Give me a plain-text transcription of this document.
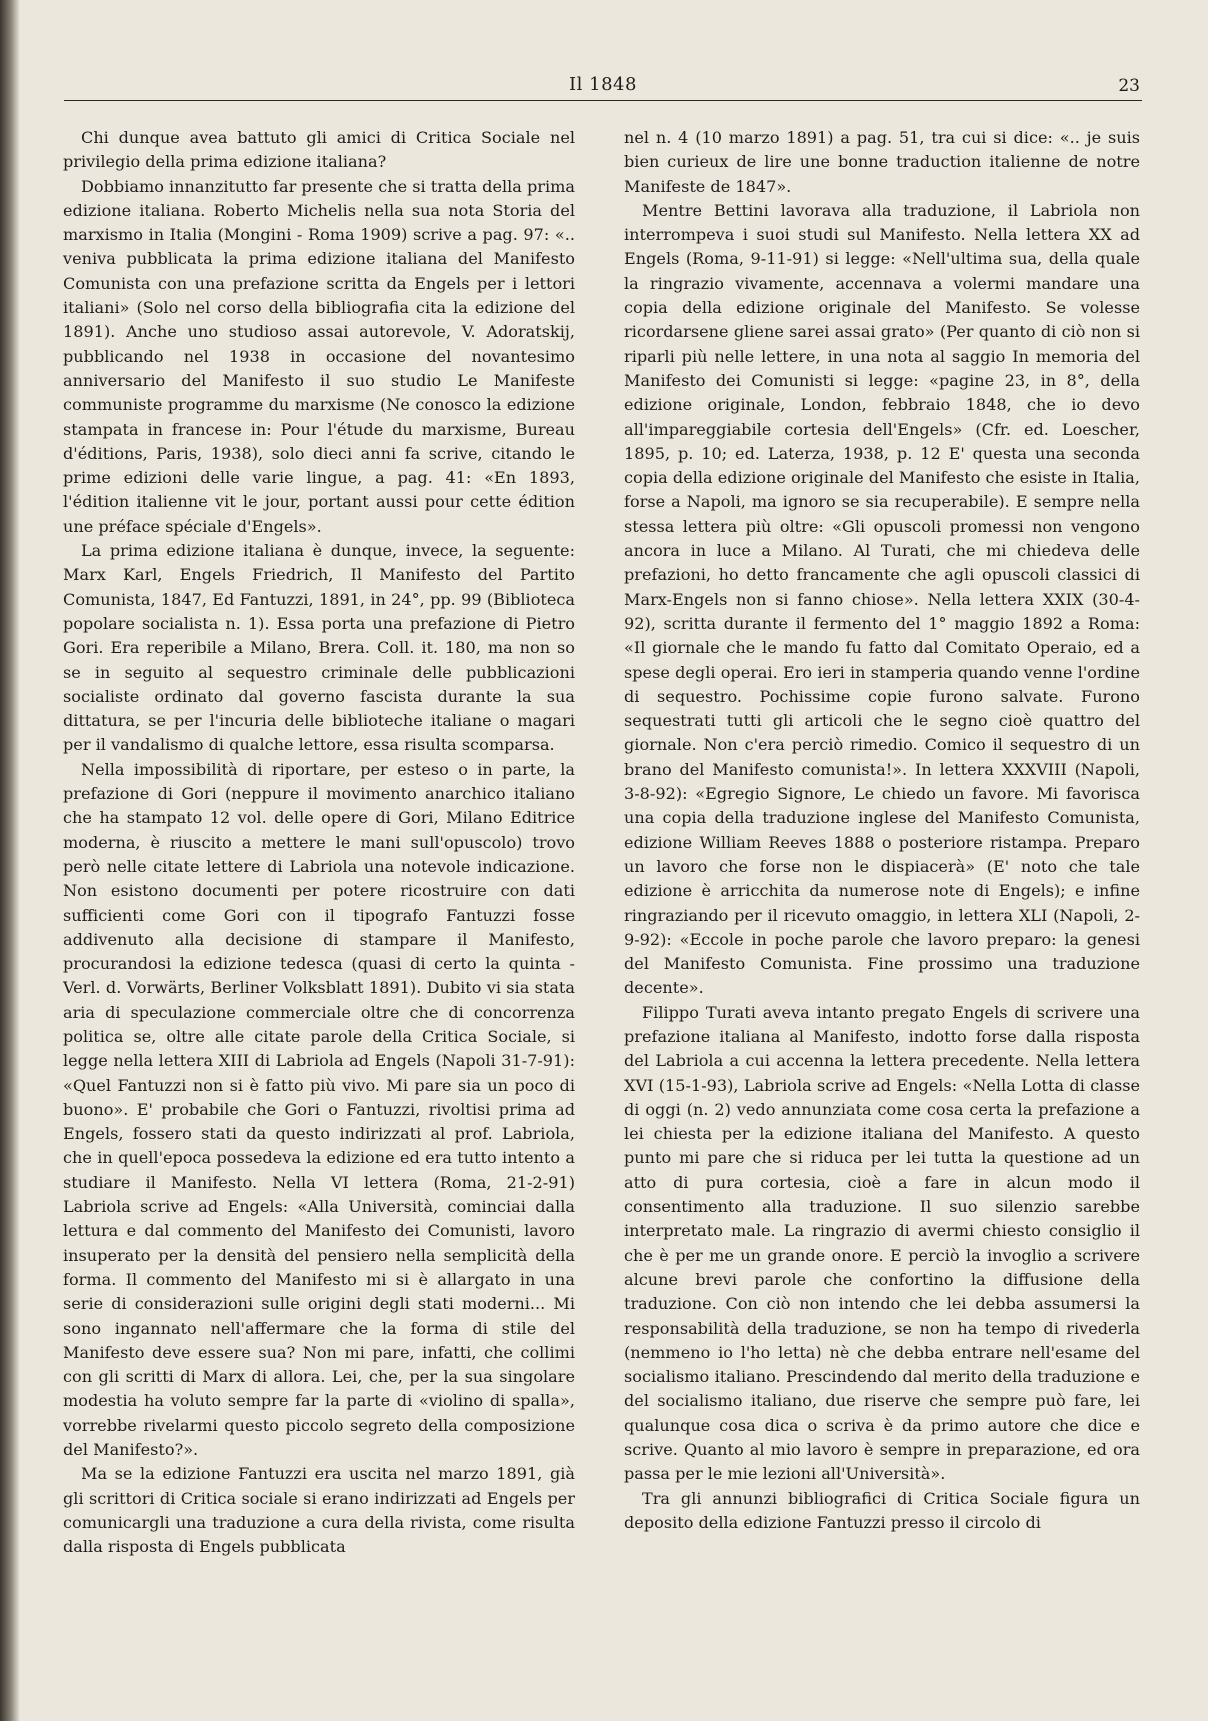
Il 1848	23

Chi dunque avea battuto gli amici di Critica Sociale nel privilegio della prima edizione italiana?

Dobbiamo innanzitutto far presente che si tratta della prima edizione italiana. Roberto Michelis nella sua nota Storia del marxismo in Italia (Mongini - Roma 1909) scrive a pag. 97: «.. veniva pubblicata la prima edizione italiana del Manifesto Comunista con una prefazione scritta da Engels per i lettori italiani» (Solo nel corso della bibliografia cita la edizione del 1891). Anche uno studioso assai autorevole, V. Adoratskij, pubblicando nel 1938 in occasione del novantesimo anniversario del Manifesto il suo studio Le Manifeste communiste programme du marxisme (Ne conosco la edizione stampata in francese in: Pour l'étude du marxisme, Bureau d'éditions, Paris, 1938), solo dieci anni fa scrive, citando le prime edizioni delle varie lingue, a pag. 41: «En 1893, l'édition italienne vit le jour, portant aussi pour cette édition une préface spéciale d'Engels».

La prima edizione italiana è dunque, invece, la seguente: Marx Karl, Engels Friedrich, Il Manifesto del Partito Comunista, 1847, Ed Fantuzzi, 1891, in 24°, pp. 99 (Biblioteca popolare socialista n. 1). Essa porta una prefazione di Pietro Gori. Era reperibile a Milano, Brera. Coll. it. 180, ma non so se in seguito al sequestro criminale delle pubblicazioni socialiste ordinato dal governo fascista durante la sua dittatura, se per l'incuria delle biblioteche italiane o magari per il vandalismo di qualche lettore, essa risulta scomparsa.

Nella impossibilità di riportare, per esteso o in parte, la prefazione di Gori (neppure il movimento anarchico italiano che ha stampato 12 vol. delle opere di Gori, Milano Editrice moderna, è riuscito a mettere le mani sull'opuscolo) trovo però nelle citate lettere di Labriola una notevole indicazione. Non esistono documenti per potere ricostruire con dati sufficienti come Gori con il tipografo Fantuzzi fosse addivenuto alla decisione di stampare il Manifesto, procurandosi la edizione tedesca (quasi di certo la quinta - Verl. d. Vorwärts, Berliner Volksblatt 1891). Dubito vi sia stata aria di speculazione commerciale oltre che di concorrenza politica se, oltre alle citate parole della Critica Sociale, si legge nella lettera XIII di Labriola ad Engels (Napoli 31-7-91): «Quel Fantuzzi non si è fatto più vivo. Mi pare sia un poco di buono». E' probabile che Gori o Fantuzzi, rivoltisi prima ad Engels, fossero stati da questo indirizzati al prof. Labriola, che in quell'epoca possedeva la edizione ed era tutto intento a studiare il Manifesto. Nella VI lettera (Roma, 21-2-91) Labriola scrive ad Engels: «Alla Università, cominciai dalla lettura e dal commento del Manifesto dei Comunisti, lavoro insuperato per la densità del pensiero nella semplicità della forma. Il commento del Manifesto mi si è allargato in una serie di considerazioni sulle origini degli stati moderni... Mi sono ingannato nell'affermare che la forma di stile del Manifesto deve essere sua? Non mi pare, infatti, che collimi con gli scritti di Marx di allora. Lei, che, per la sua singolare modestia ha voluto sempre far la parte di «violino di spalla», vorrebbe rivelarmi questo piccolo segreto della composizione del Manifesto?».

Ma se la edizione Fantuzzi era uscita nel marzo 1891, già gli scrittori di Critica sociale si erano indirizzati ad Engels per comunicargli una traduzione a cura della rivista, come risulta dalla risposta di Engels pubblicata

nel n. 4 (10 marzo 1891) a pag. 51, tra cui si dice: «.. je suis bien curieux de lire une bonne traduction italienne de notre Manifeste de 1847».

Mentre Bettini lavorava alla traduzione, il Labriola non interrompeva i suoi studi sul Manifesto. Nella lettera XX ad Engels (Roma, 9-11-91) si legge: «Nell'ultima sua, della quale la ringrazio vivamente, accennava a volermi mandare una copia della edizione originale del Manifesto. Se volesse ricordarsene gliene sarei assai grato» (Per quanto di ciò non si riparli più nelle lettere, in una nota al saggio In memoria del Manifesto dei Comunisti si legge: «pagine 23, in 8°, della edizione originale, London, febbraio 1848, che io devo all'impareggiabile cortesia dell'Engels» (Cfr. ed. Loescher, 1895, p. 10; ed. Laterza, 1938, p. 12 E' questa una seconda copia della edizione originale del Manifesto che esiste in Italia, forse a Napoli, ma ignoro se sia recuperabile). E sempre nella stessa lettera più oltre: «Gli opuscoli promessi non vengono ancora in luce a Milano. Al Turati, che mi chiedeva delle prefazioni, ho detto francamente che agli opuscoli classici di Marx-Engels non si fanno chiose». Nella lettera XXIX (30-4-92), scritta durante il fermento del 1° maggio 1892 a Roma: «Il giornale che le mando fu fatto dal Comitato Operaio, ed a spese degli operai. Ero ieri in stamperia quando venne l'ordine di sequestro. Pochissime copie furono salvate. Furono sequestrati tutti gli articoli che le segno cioè quattro del giornale. Non c'era perciò rimedio. Comico il sequestro di un brano del Manifesto comunista!». In lettera XXXVIII (Napoli, 3-8-92): «Egregio Signore, Le chiedo un favore. Mi favorisca una copia della traduzione inglese del Manifesto Comunista, edizione William Reeves 1888 o posteriore ristampa. Preparo un lavoro che forse non le dispiacerà» (E' noto che tale edizione è arricchita da numerose note di Engels); e infine ringraziando per il ricevuto omaggio, in lettera XLI (Napoli, 2-9-92): «Eccole in poche parole che lavoro preparo: la genesi del Manifesto Comunista. Fine prossimo una traduzione decente».

Filippo Turati aveva intanto pregato Engels di scrivere una prefazione italiana al Manifesto, indotto forse dalla risposta del Labriola a cui accenna la lettera precedente. Nella lettera XVI (15-1-93), Labriola scrive ad Engels: «Nella Lotta di classe di oggi (n. 2) vedo annunziata come cosa certa la prefazione a lei chiesta per la edizione italiana del Manifesto. A questo punto mi pare che si riduca per lei tutta la questione ad un atto di pura cortesia, cioè a fare in alcun modo il consentimento alla traduzione. Il suo silenzio sarebbe interpretato male. La ringrazio di avermi chiesto consiglio il che è per me un grande onore. E perciò la invoglio a scrivere alcune brevi parole che confortino la diffusione della traduzione. Con ciò non intendo che lei debba assumersi la responsabilità della traduzione, se non ha tempo di rivederla (nemmeno io l'ho letta) nè che debba entrare nell'esame del socialismo italiano. Prescindendo dal merito della traduzione e del socialismo italiano, due riserve che sempre può fare, lei qualunque cosa dica o scriva è da primo autore che dice e scrive. Quanto al mio lavoro è sempre in preparazione, ed ora passa per le mie lezioni all'Università».

Tra gli annunzi bibliografici di Critica Sociale figura un deposito della edizione Fantuzzi presso il circolo di
